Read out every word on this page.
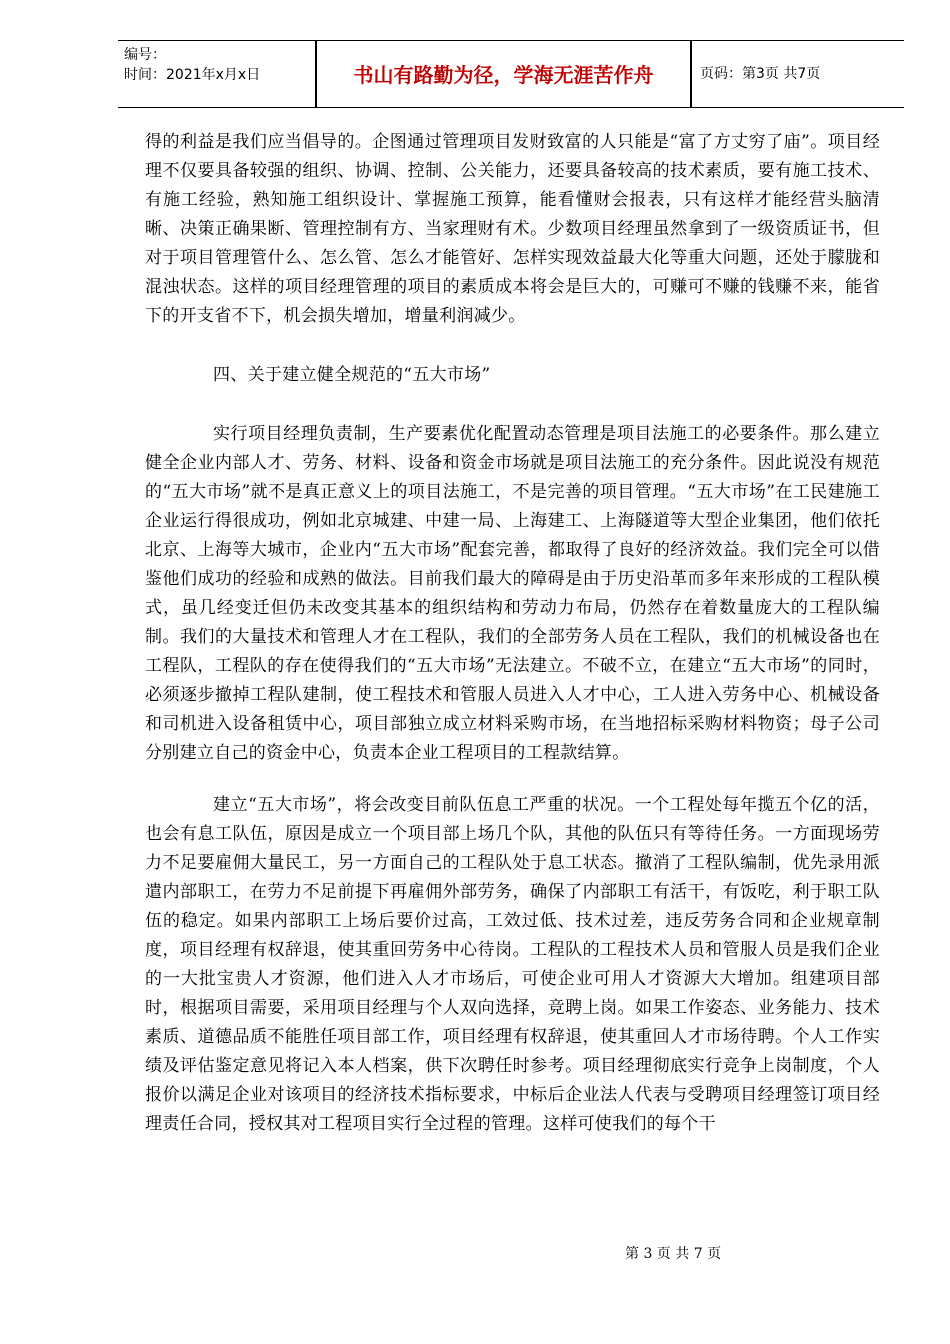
编号：
时间：2021年x月x日	书山有路勤为径，学海无涯苦作舟	页码：第3页 共7页

得的利益是我们应当倡导的。企图通过管理项目发财致富的人只能是“富了方丈穷了庙”。项目经理不仅要具备较强的组织、协调、控制、公关能力，还要具备较高的技术素质，要有施工技术、有施工经验，熟知施工组织设计、掌握施工预算，能看懂财会报表，只有这样才能经营头脑清晰、决策正确果断、管理控制有方、当家理财有术。少数项目经理虽然拿到了一级资质证书，但对于项目管理管什么、怎么管、怎么才能管好、怎样实现效益最大化等重大问题，还处于朦胧和混浊状态。这样的项目经理管理的项目的素质成本将会是巨大的，可赚可不赚的钱赚不来，能省下的开支省不下，机会损失增加，增量利润减少。

四、关于建立健全规范的“五大市场”

实行项目经理负责制，生产要素优化配置动态管理是项目法施工的必要条件。那么建立健全企业内部人才、劳务、材料、设备和资金市场就是项目法施工的充分条件。因此说没有规范的“五大市场”就不是真正意义上的项目法施工，不是完善的项目管理。“五大市场”在工民建施工企业运行得很成功，例如北京城建、中建一局、上海建工、上海隧道等大型企业集团，他们依托北京、上海等大城市，企业内“五大市场”配套完善，都取得了良好的经济效益。我们完全可以借鉴他们成功的经验和成熟的做法。目前我们最大的障碍是由于历史沿革而多年来形成的工程队模式，虽几经变迁但仍未改变其基本的组织结构和劳动力布局，仍然存在着数量庞大的工程队编制。我们的大量技术和管理人才在工程队，我们的全部劳务人员在工程队，我们的机械设备也在工程队，工程队的存在使得我们的“五大市场”无法建立。不破不立，在建立“五大市场”的同时，必须逐步撤掉工程队建制，使工程技术和管服人员进入人才中心，工人进入劳务中心、机械设备和司机进入设备租赁中心，项目部独立成立材料采购市场，在当地招标采购材料物资；母子公司分别建立自己的资金中心，负责本企业工程项目的工程款结算。

建立“五大市场”，将会改变目前队伍息工严重的状况。一个工程处每年揽五个亿的活，也会有息工队伍，原因是成立一个项目部上场几个队，其他的队伍只有等待任务。一方面现场劳力不足要雇佣大量民工，另一方面自己的工程队处于息工状态。撤消了工程队编制，优先录用派遣内部职工，在劳力不足前提下再雇佣外部劳务，确保了内部职工有活干，有饭吃，利于职工队伍的稳定。如果内部职工上场后要价过高，工效过低、技术过差，违反劳务合同和企业规章制度，项目经理有权辞退，使其重回劳务中心待岗。工程队的工程技术人员和管服人员是我们企业的一大批宝贵人才资源，他们进入人才市场后，可使企业可用人才资源大大增加。组建项目部时，根据项目需要，采用项目经理与个人双向选择，竞聘上岗。如果工作姿态、业务能力、技术素质、道德品质不能胜任项目部工作，项目经理有权辞退，使其重回人才市场待聘。个人工作实绩及评估鉴定意见将记入本人档案，供下次聘任时参考。项目经理彻底实行竞争上岗制度，个人报价以满足企业对该项目的经济技术指标要求，中标后企业法人代表与受聘项目经理签订项目经理责任合同，授权其对工程项目实行全过程的管理。这样可使我们的每个干

第 3 页 共 7 页
